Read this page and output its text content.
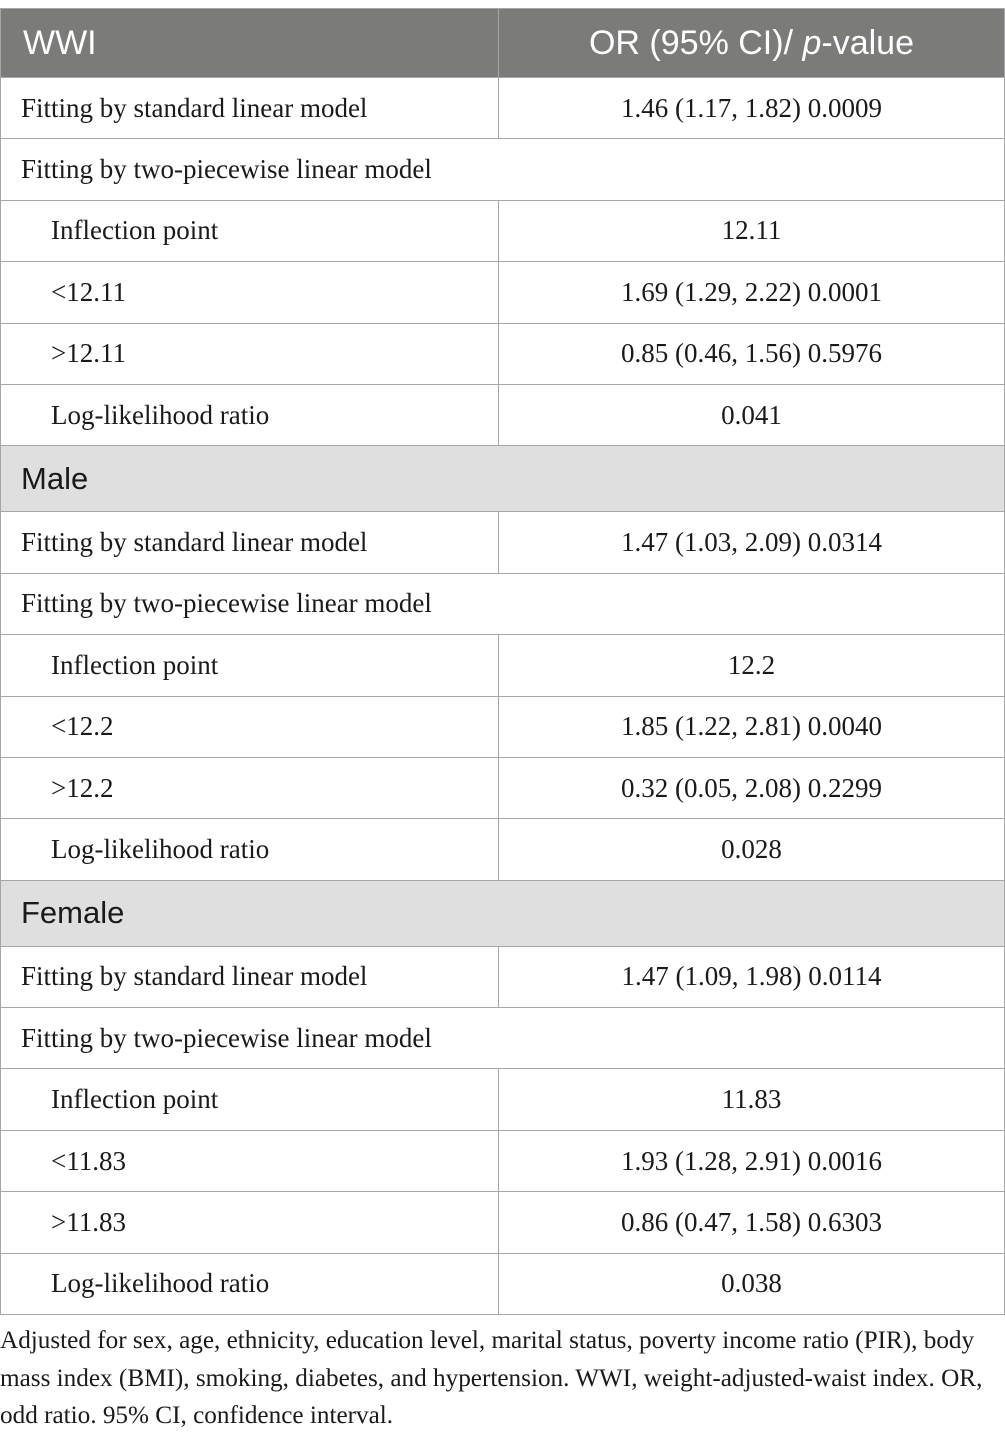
WWI	OR (95% CI)/ p-value
Fitting by standard linear model	1.46 (1.17, 1.82) 0.0009
Fitting by two-piecewise linear model	
Inflection point	12.11
<12.11	1.69 (1.29, 2.22) 0.0001
>12.11	0.85 (0.46, 1.56) 0.5976
Log-likelihood ratio	0.041
Male	
Fitting by standard linear model	1.47 (1.03, 2.09) 0.0314
Fitting by two-piecewise linear model	
Inflection point	12.2
<12.2	1.85 (1.22, 2.81) 0.0040
>12.2	0.32 (0.05, 2.08) 0.2299
Log-likelihood ratio	0.028
Female	
Fitting by standard linear model	1.47 (1.09, 1.98) 0.0114
Fitting by two-piecewise linear model	
Inflection point	11.83
<11.83	1.93 (1.28, 2.91) 0.0016
>11.83	0.86 (0.47, 1.58) 0.6303
Log-likelihood ratio	0.038
Adjusted for sex, age, ethnicity, education level, marital status, poverty income ratio (PIR), body mass index (BMI), smoking, diabetes, and hypertension. WWI, weight-adjusted-waist index. OR, odd ratio. 95% CI, confidence interval.
